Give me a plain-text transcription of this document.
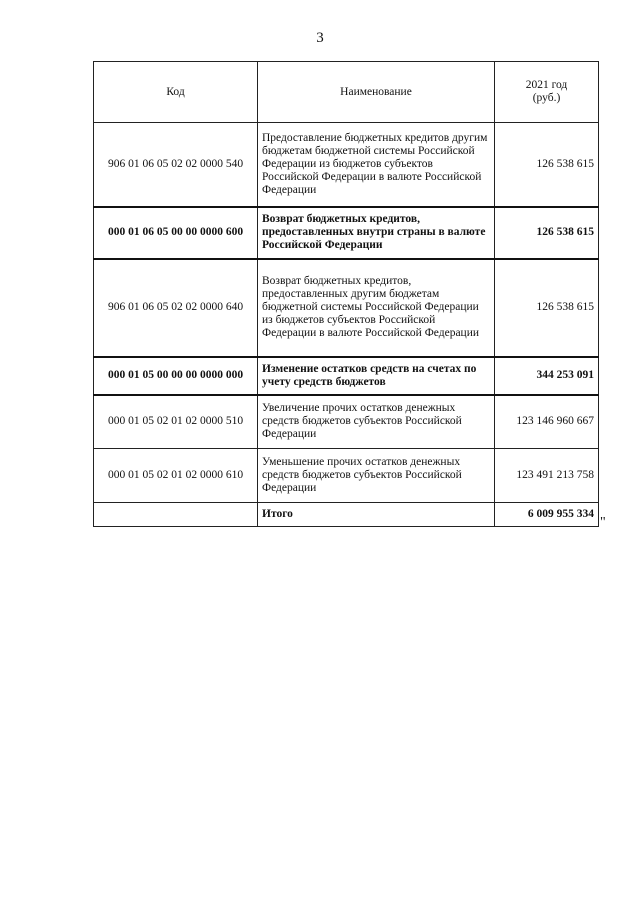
3
Код	Наименование	2021 год (руб.)
906 01 06 05 02 02 0000 540	Предоставление бюджетных кредитов другим бюджетам бюджетной системы Российской Федерации из бюджетов субъектов Российской Федерации в валюте Российской Федерации	126 538 615
000 01 06 05 00 00 0000 600	Возврат бюджетных кредитов, предоставленных внутри страны в валюте Российской Федерации	126 538 615
906 01 06 05 02 02 0000 640	Возврат бюджетных кредитов, предоставленных другим бюджетам бюджетной системы Российской Федерации из бюджетов субъектов Российской Федерации в валюте Российской Федерации	126 538 615
000 01 05 00 00 00 0000 000	Изменение остатков средств на счетах по учету средств бюджетов	344 253 091
000 01 05 02 01 02 0000 510	Увеличение прочих остатков денежных средств бюджетов субъектов Российской Федерации	123 146 960 667
000 01 05 02 01 02 0000 610	Уменьшение прочих остатков денежных средств бюджетов субъектов Российской Федерации	123 491 213 758
	Итого	6 009 955 334
"
